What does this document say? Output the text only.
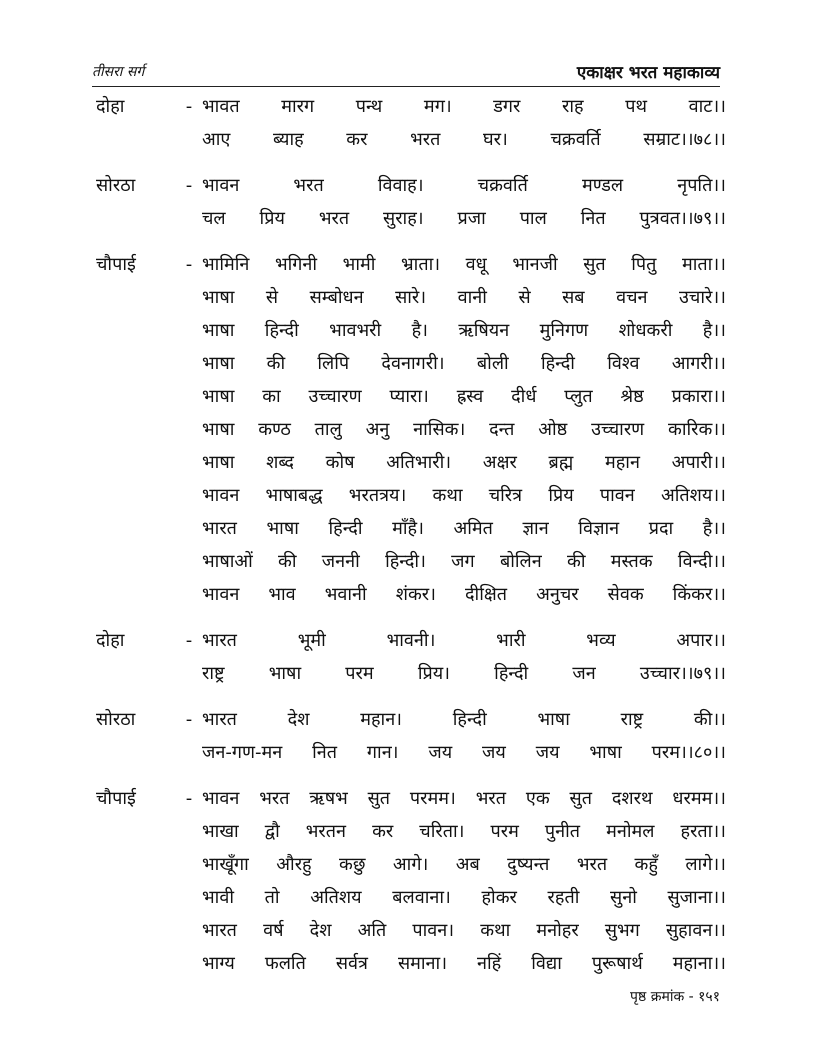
तीसरा सर्ग	एकाक्षर भरत महाकाव्य
दोहा	- भावत मारग पन्थ मग। डगर राह पथ वाट।।
आए ब्याह कर भरत घर। चक्रवर्ति सम्राट।।७८।।
सोरठा	- भावन भरत विवाह। चक्रवर्ति मण्डल नृपति।।
चल प्रिय भरत सुराह। प्रजा पाल नित पुत्रवत।।७९।।
चौपाई	- भामिनि भगिनी भामी भ्राता। वधू भानजी सुत पितु माता।।
भाषा से सम्बोधन सारे। वानी से सब वचन उचारे।।
भाषा हिन्दी भावभरी है। ऋषियन मुनिगण शोधकरी है।।
भाषा की लिपि देवनागरी। बोली हिन्दी विश्व आगरी।।
भाषा का उच्चारण प्यारा। ह्रस्व दीर्ध प्लुत श्रेष्ठ प्रकारा।।
भाषा कण्ठ तालु अनु नासिक। दन्त ओष्ठ उच्चारण कारिक।।
भाषा शब्द कोष अतिभारी। अक्षर ब्रह्म महान अपारी।।
भावन भाषाबद्ध भरतत्रय। कथा चरित्र प्रिय पावन अतिशय।।
भारत भाषा हिन्दी माँहै। अमित ज्ञान विज्ञान प्रदा है।।
भाषाओं की जननी हिन्दी। जग बोलिन की मस्तक विन्दी।।
भावन भाव भवानी शंकर। दीक्षित अनुचर सेवक किंकर।।
दोहा	- भारत भूमी भावनी। भारी भव्य अपार।।
राष्ट्र भाषा परम प्रिय। हिन्दी जन उच्चार।।७९।।
सोरठा	- भारत देश महान। हिन्दी भाषा राष्ट्र की।।
जन-गण-मन नित गान। जय जय जय भाषा परम।।८०।।
चौपाई	- भावन भरत ऋषभ सुत परमम। भरत एक सुत दशरथ धरमम।।
भाखा द्वौ भरतन कर चरिता। परम पुनीत मनोमल हरता।।
भाखूँगा औरहु कछु आगे। अब दुष्यन्त भरत कहुँ लागे।।
भावी तो अतिशय बलवाना। होकर रहती सुनो सुजाना।।
भारत वर्ष देश अति पावन। कथा मनोहर सुभग सुहावन।।
भाग्य फलति सर्वत्र समाना। नहिं विद्या पुरूषार्थ महाना।।
पृष्ठ क्रमांक - १५१
